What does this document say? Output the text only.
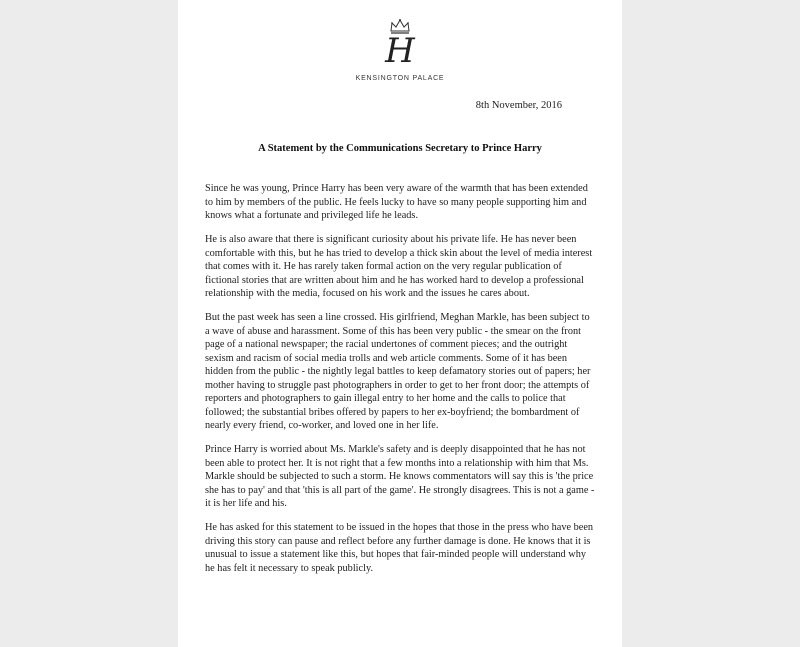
H
KENSINGTON PALACE
8th November, 2016
A Statement by the Communications Secretary to Prince Harry

Since he was young, Prince Harry has been very aware of the warmth that has been extended to him by members of the public. He feels lucky to have so many people supporting him and knows what a fortunate and privileged life he leads.

He is also aware that there is significant curiosity about his private life. He has never been comfortable with this, but he has tried to develop a thick skin about the level of media interest that comes with it. He has rarely taken formal action on the very regular publication of fictional stories that are written about him and he has worked hard to develop a professional relationship with the media, focused on his work and the issues he cares about.

But the past week has seen a line crossed. His girlfriend, Meghan Markle, has been subject to a wave of abuse and harassment. Some of this has been very public - the smear on the front page of a national newspaper; the racial undertones of comment pieces; and the outright sexism and racism of social media trolls and web article comments. Some of it has been hidden from the public - the nightly legal battles to keep defamatory stories out of papers; her mother having to struggle past photographers in order to get to her front door; the attempts of reporters and photographers to gain illegal entry to her home and the calls to police that followed; the substantial bribes offered by papers to her ex-boyfriend; the bombardment of nearly every friend, co-worker, and loved one in her life.

Prince Harry is worried about Ms. Markle's safety and is deeply disappointed that he has not been able to protect her. It is not right that a few months into a relationship with him that Ms. Markle should be subjected to such a storm. He knows commentators will say this is 'the price she has to pay' and that 'this is all part of the game'. He strongly disagrees. This is not a game - it is her life and his.

He has asked for this statement to be issued in the hopes that those in the press who have been driving this story can pause and reflect before any further damage is done. He knows that it is unusual to issue a statement like this, but hopes that fair-minded people will understand why he has felt it necessary to speak publicly.
